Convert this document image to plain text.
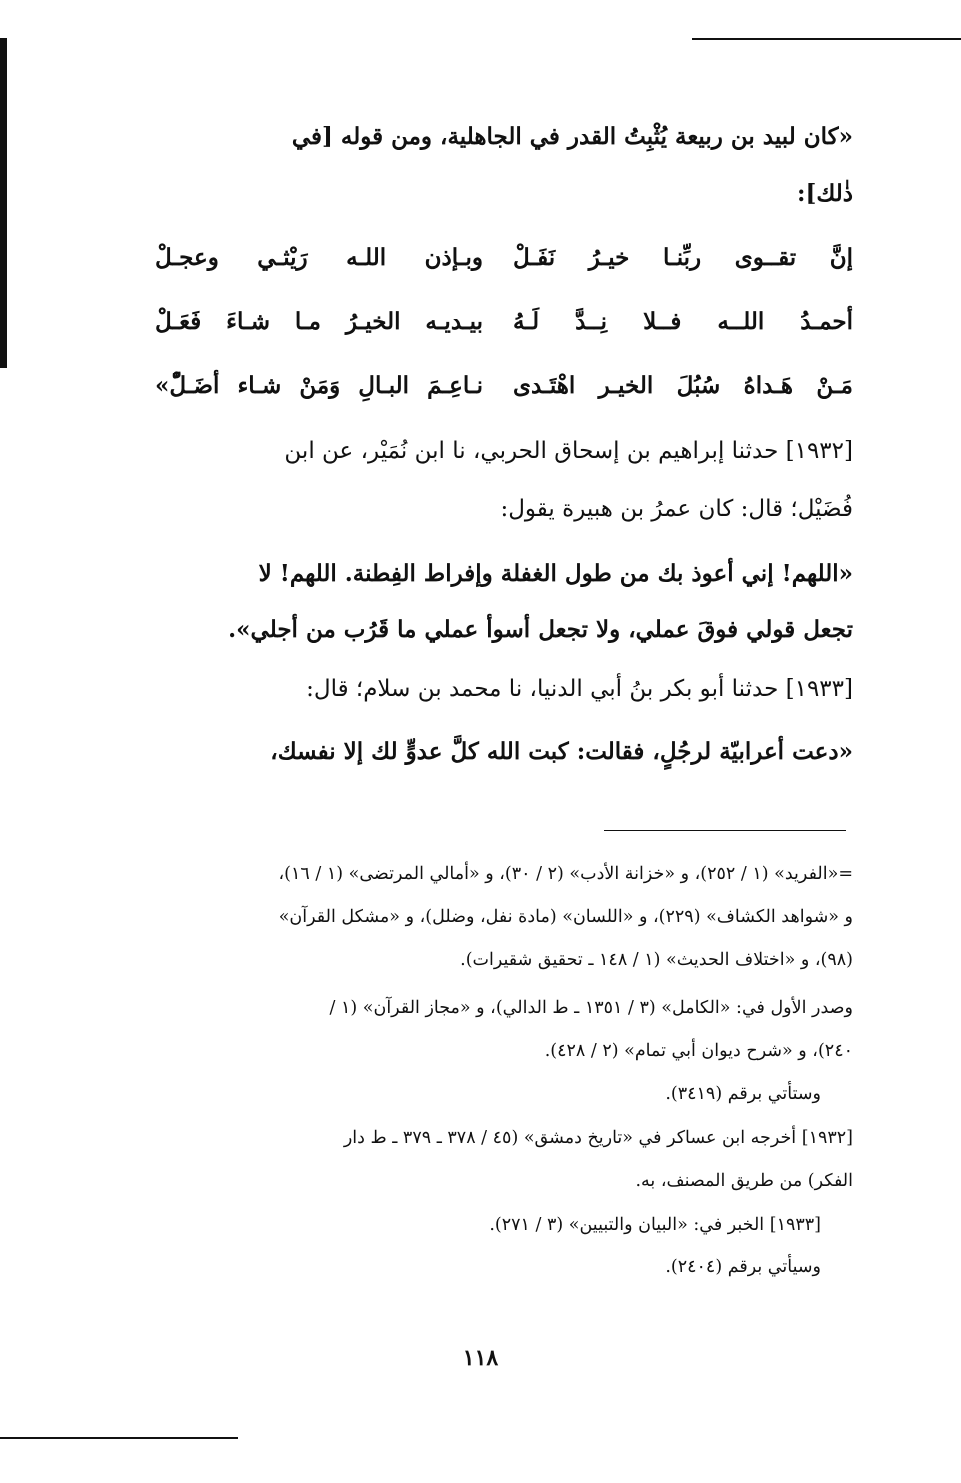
«كان لبيد بن ربيعة يُثْبِتُ القدر في الجاهلية، ومن قوله [في
ذٰلك]:
إنَّ تقــوى ربِّنـا خيـرُ نَفَـلْ
وبـإذن اللـه رَيْثـي وعجـلْ
أحمـدُ اللــه فــلا نِــدَّ لَـهُ
بيـديـه الخيـرُ مـا شـاءَ فَعَـلْ
مَـنْ هَـداهُ سُبُلَ الخيـر اهْتَـدى
نـاعِـمَ البـالِ وَمَنْ شـاء أضَـلّْ»
[١٩٣٢] حدثنا إبراهيم بن إسحاق الحربي، نا ابن نُمَيْر، عن ابن
فُضَيْل؛ قال: كان عمرُ بن هبيرة يقول:
«اللهم! إني أعوذ بك من طول الغفلة وإفراط الفِطنة. اللهم! لا
تجعل قولي فوقَ عملي، ولا تجعل أسوأ عملي ما قَرُب من أجلي».
[١٩٣٣] حدثنا أبو بكر بنُ أبي الدنيا، نا محمد بن سلام؛ قال:
«دعت أعرابيّة لرجُلٍ، فقالت: كبت الله كلَّ عدوٍّ لك إلا نفسك،
=«الفريد» (١ / ٢٥٢)، و «خزانة الأدب» (٢ / ٣٠)، و «أمالي المرتضى» (١ / ١٦)،
و «شواهد الكشاف» (٢٢٩)، و «اللسان» (مادة نفل، وضلل)، و «مشكل القرآن»
(٩٨)، و «اختلاف الحديث» (١ / ١٤٨ ـ تحقيق شقيرات).
وصدر الأول في: «الكامل» (٣ / ١٣٥١ ـ ط الدالي)، و «مجاز القرآن» (١ /
٢٤٠)، و «شرح ديوان أبي تمام» (٢ / ٤٢٨).
وستأتي برقم (٣٤١٩).
[١٩٣٢] أخرجه ابن عساكر في «تاريخ دمشق» (٤٥ / ٣٧٨ ـ ٣٧٩ ـ ط دار
الفكر) من طريق المصنف، به.
[١٩٣٣] الخبر في: «البيان والتبيين» (٣ / ٢٧١).
وسيأتي برقم (٢٤٠٤).
١١٨
